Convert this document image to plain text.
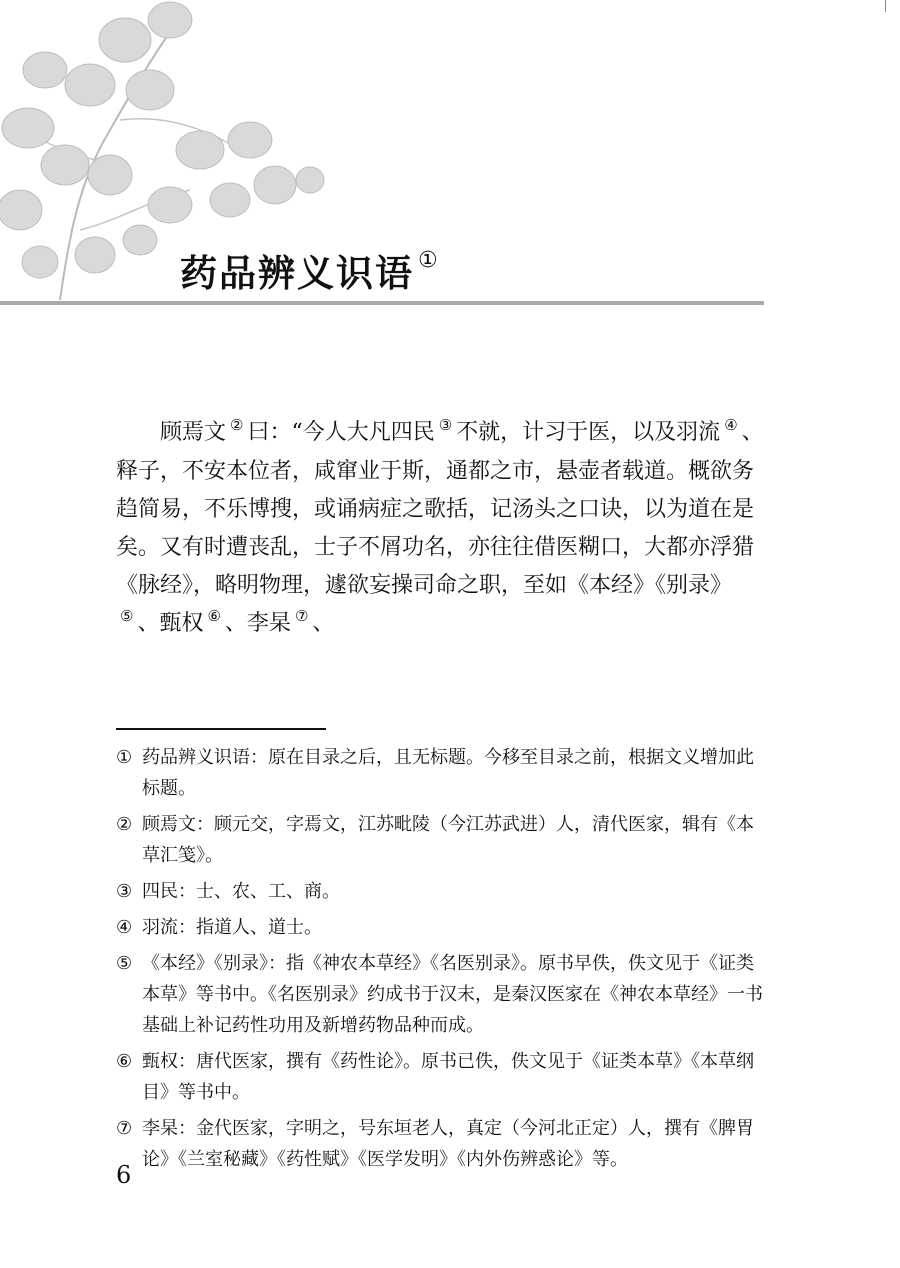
药品辨义识语 ①

顾焉文 ② 曰：“今人大凡四民 ③ 不就，计习于医，以及羽流 ④ 、释子，不安本位者，咸窜业于斯，通都之市，悬壶者载道。概欲务趋简易，不乐博搜，或诵病症之歌括，记汤头之口诀，以为道在是矣。又有时遭丧乱，士子不屑功名，亦往往借医糊口，大都亦浮猎《脉经》，略明物理，遽欲妄操司命之职，至如《本经》《别录》⑤ 、甄权 ⑥ 、李杲 ⑦ 、

① 药品辨义识语：原在目录之后，且无标题。今移至目录之前，根据文义增加此标题。
② 顾焉文：顾元交，字焉文，江苏毗陵（今江苏武进）人，清代医家，辑有《本草汇笺》。
③ 四民：士、农、工、商。
④ 羽流：指道人、道士。
⑤ 《本经》《别录》：指《神农本草经》《名医别录》。原书早佚，佚文见于《证类本草》等书中。《名医别录》约成书于汉末，是秦汉医家在《神农本草经》一书基础上补记药性功用及新增药物品种而成。
⑥ 甄权：唐代医家，撰有《药性论》。原书已佚，佚文见于《证类本草》《本草纲目》等书中。
⑦ 李杲：金代医家，字明之，号东垣老人，真定（今河北正定）人，撰有《脾胃论》《兰室秘藏》《药性赋》《医学发明》《内外伤辨惑论》等。
6
